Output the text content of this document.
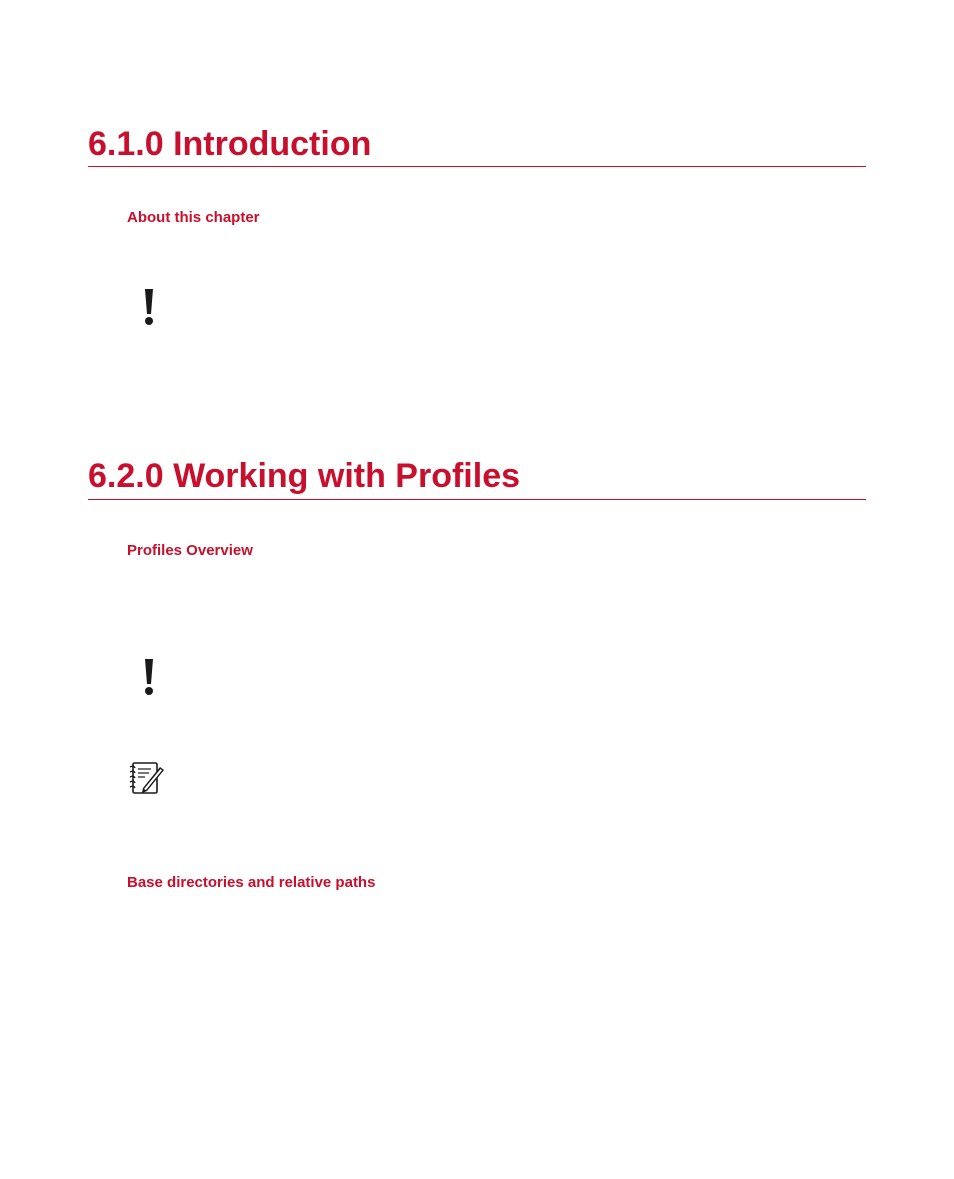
6.1.0 Introduction
About this chapter
6.2.0 Working with Profiles
Profiles Overview
Base directories and relative paths
